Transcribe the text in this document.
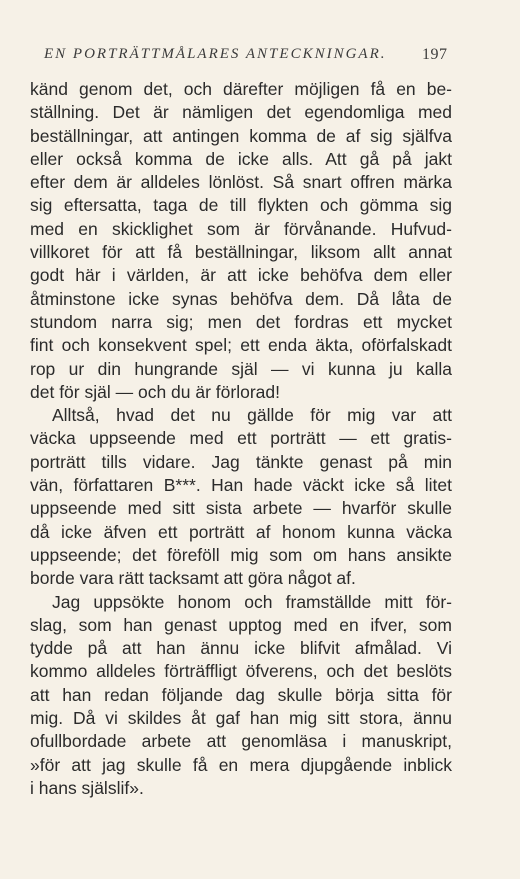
EN PORTRÄTTMÅLARES ANTECKNINGAR. 197
känd genom det, och därefter möjligen få en be-
ställning. Det är nämligen det egendomliga med
beställningar, att antingen komma de af sig själfva
eller också komma de icke alls. Att gå på jakt
efter dem är alldeles lönlöst. Så snart offren märka
sig eftersatta, taga de till flykten och gömma sig
med en skicklighet som är förvånande. Hufvud-
villkoret för att få beställningar, liksom allt annat
godt här i världen, är att icke behöfva dem eller
åtminstone icke synas behöfva dem. Då låta de
stundom narra sig; men det fordras ett mycket
fint och konsekvent spel; ett enda äkta, oförfalskadt
rop ur din hungrande själ — vi kunna ju kalla
det för själ — och du är förlorad!
Alltså, hvad det nu gällde för mig var att
väcka uppseende med ett porträtt — ett gratis-
porträtt tills vidare. Jag tänkte genast på min
vän, författaren B***. Han hade väckt icke så litet
uppseende med sitt sista arbete — hvarför skulle
då icke äfven ett porträtt af honom kunna väcka
uppseende; det föreföll mig som om hans ansikte
borde vara rätt tacksamt att göra något af.
Jag uppsökte honom och framställde mitt för-
slag, som han genast upptog med en ifver, som
tydde på att han ännu icke blifvit afmålad. Vi
kommo alldeles förträffligt öfverens, och det beslöts
att han redan följande dag skulle börja sitta för
mig. Då vi skildes åt gaf han mig sitt stora, ännu
ofullbordade arbete att genomläsa i manuskript,
»för att jag skulle få en mera djupgående inblick
i hans själslif».
